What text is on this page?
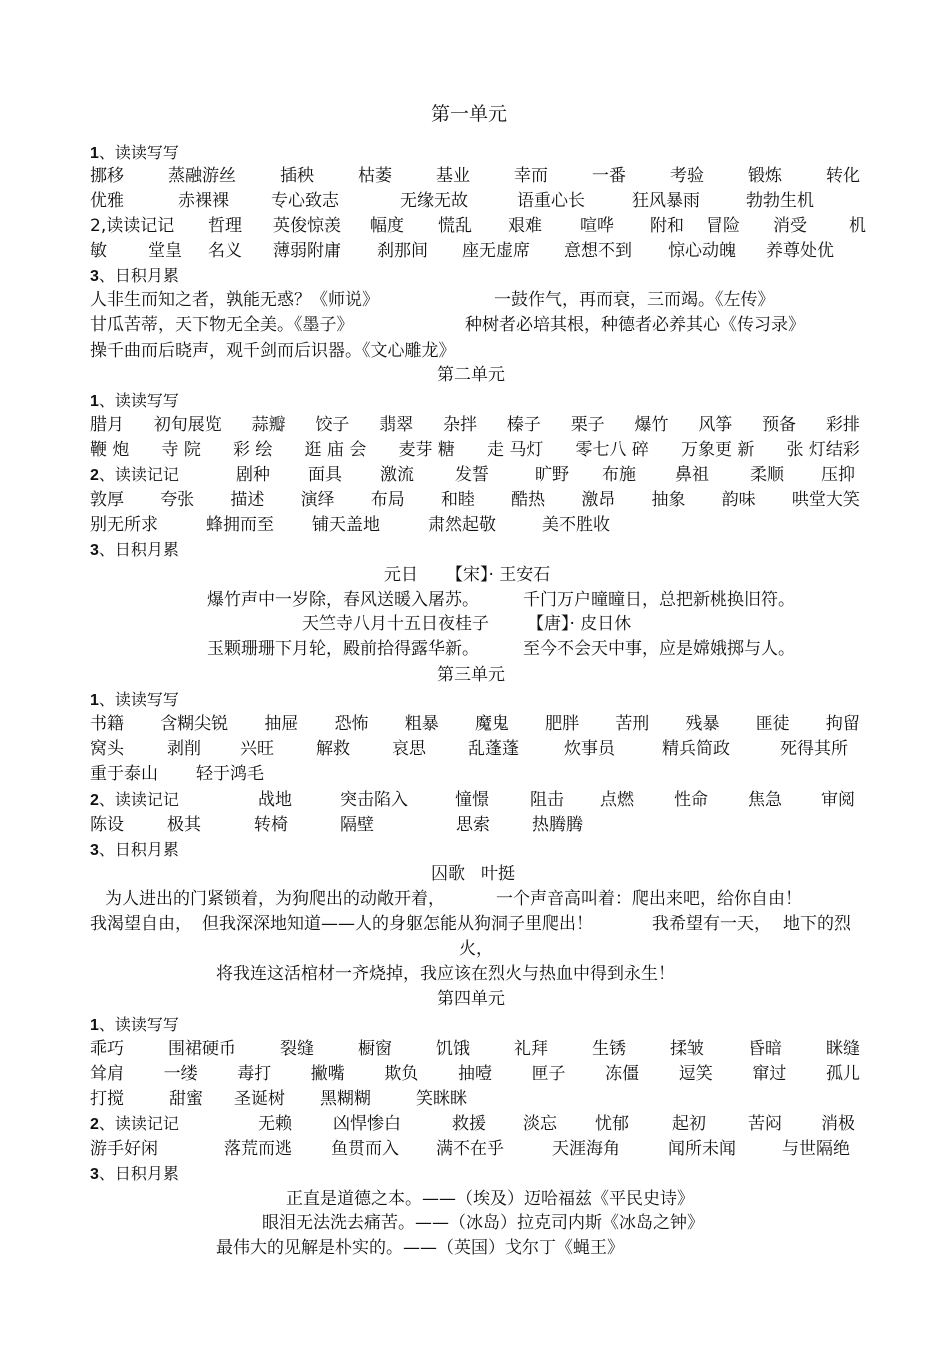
第一单元
1、读读写写
挪移	蒸融游丝	插秧	枯萎	基业	幸而	一番	考验	锻炼	转化
优雅	赤裸裸 专心致志	无缘无故	语重心长	狂风暴雨	勃勃生机
2,读读记记 哲理 英俊惊羡 幅度 慌乱 艰难 喧哗 附和 冒险 消受 机
敏 堂皇 名义 薄弱附庸 刹那间 座无虚席 意想不到 惊心动魄 养尊处优
3、日积月累
人非生而知之者，孰能无惑？《师说》	一鼓作气，再而衰，三而竭。《左传》
甘瓜苦蒂，天下物无全美。《墨子》	种树者必培其根，种德者必养其心《传习录》
操千曲而后晓声，观千剑而后识器。《文心雕龙》
第二单元
1、读读写写
腊月 初旬展览 蒜瓣 饺子 翡翠 杂拌 榛子 栗子 爆竹 风筝 预备 彩排
鞭 炮 寺 院 彩 绘 逛 庙 会 麦芽 糖 走 马灯 零七八 碎 万象更 新 张 灯结彩
2、读读记记	剧种 面具 激流 发誓	旷野 布施 鼻祖 柔顺 压抑
敦厚 夸张 描述 演绎 布局 和睦 酷热 激昂 抽象 韵味 哄堂大笑
别无所求	蜂拥而至 铺天盖地	肃然起敬	美不胜收
3、日积月累
元日 【宋】· 王安石
爆竹声中一岁除，春风送暖入屠苏。	千门万户曈曈日，总把新桃换旧符。
天竺寺八月十五日夜桂子 【唐】· 皮日休
玉颗珊珊下月轮，殿前拾得露华新。	至今不会天中事，应是嫦娥掷与人。
第三单元
1、读读写写
书籍 含糊尖锐 抽屉 恐怖 粗暴 魔鬼 肥胖 苦刑 残暴 匪徒 拘留
窝头	剥削 兴旺 解救 哀思 乱蓬蓬	炊事员	精兵简政	死得其所
重于泰山 轻于鸿毛
2、读读记记	战地	突击陷入	憧憬 阻击 点燃 性命 焦急 审阅
陈设	极其	转椅	隔壁	思索 热腾腾
3、日积月累
囚歌 叶挺
为人进出的门紧锁着，为狗爬出的动敞开着，	一个声音高叫着：爬出来吧，给你自由！
我渴望自由， 但我深深地知道——人的身躯怎能从狗洞子里爬出！	我希望有一天， 地下的烈
火，
将我连这活棺材一齐烧掉，我应该在烈火与热血中得到永生！
第四单元
1、读读写写
乖巧	围裙硬币	裂缝	橱窗	饥饿	礼拜	生锈	揉皱	昏暗	眯缝
耸肩 一缕 毒打 撇嘴 欺负 抽噎 匣子 冻僵 逗笑 窜过 孤儿
打搅	甜蜜 圣诞树 黑糊糊	笑眯眯
2、读读记记	无赖 凶悍惨白	救援 淡忘 忧郁	起初 苦闷 消极
游手好闲	落荒而逃 鱼贯而入 满不在乎	天涯海角	闻所未闻	与世隔绝
3、日积月累
正直是道德之本。——（埃及）迈哈福兹《平民史诗》
眼泪无法洗去痛苦。——（冰岛）拉克司内斯《冰岛之钟》
最伟大的见解是朴实的。——（英国）戈尔丁《蝇王》
